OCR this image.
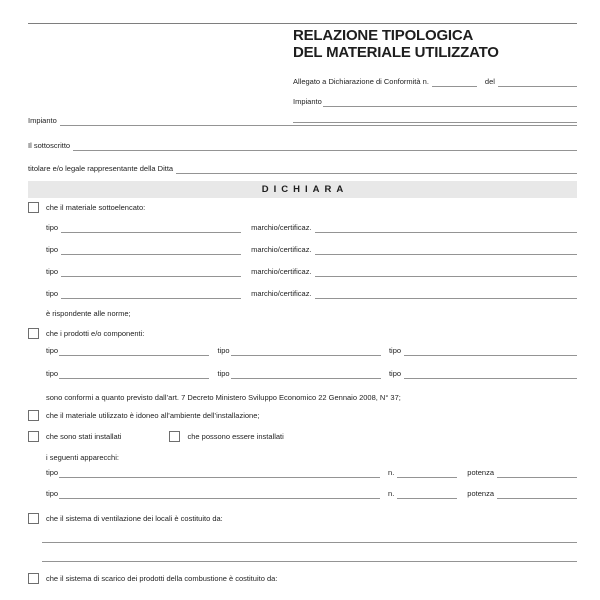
RELAZIONE TIPOLOGICA
DEL MATERIALE UTILIZZATO
Allegato a Dichiarazione di Conformità n.	del
Impianto
Impianto
Il sottoscritto
titolare e/o legale rappresentante della Ditta
DICHIARA
che il materiale sottoelencato:
tipo	marchio/certificaz.
tipo	marchio/certificaz.
tipo	marchio/certificaz.
tipo	marchio/certificaz.
è rispondente alle norme;
che i prodotti e/o componenti:
tipo	tipo	tipo
tipo	tipo	tipo
sono conformi a quanto previsto dall’art. 7 Decreto Ministero Sviluppo Economico 22 Gennaio 2008, N° 37;
che il materiale utilizzato è idoneo all’ambiente dell’installazione;
che sono stati installati	che possono essere installati
i seguenti apparecchi:
tipo	n.	potenza
tipo	n.	potenza
che il sistema di ventilazione dei locali è costituito da:
che il sistema di scarico dei prodotti della combustione è costituito da:
